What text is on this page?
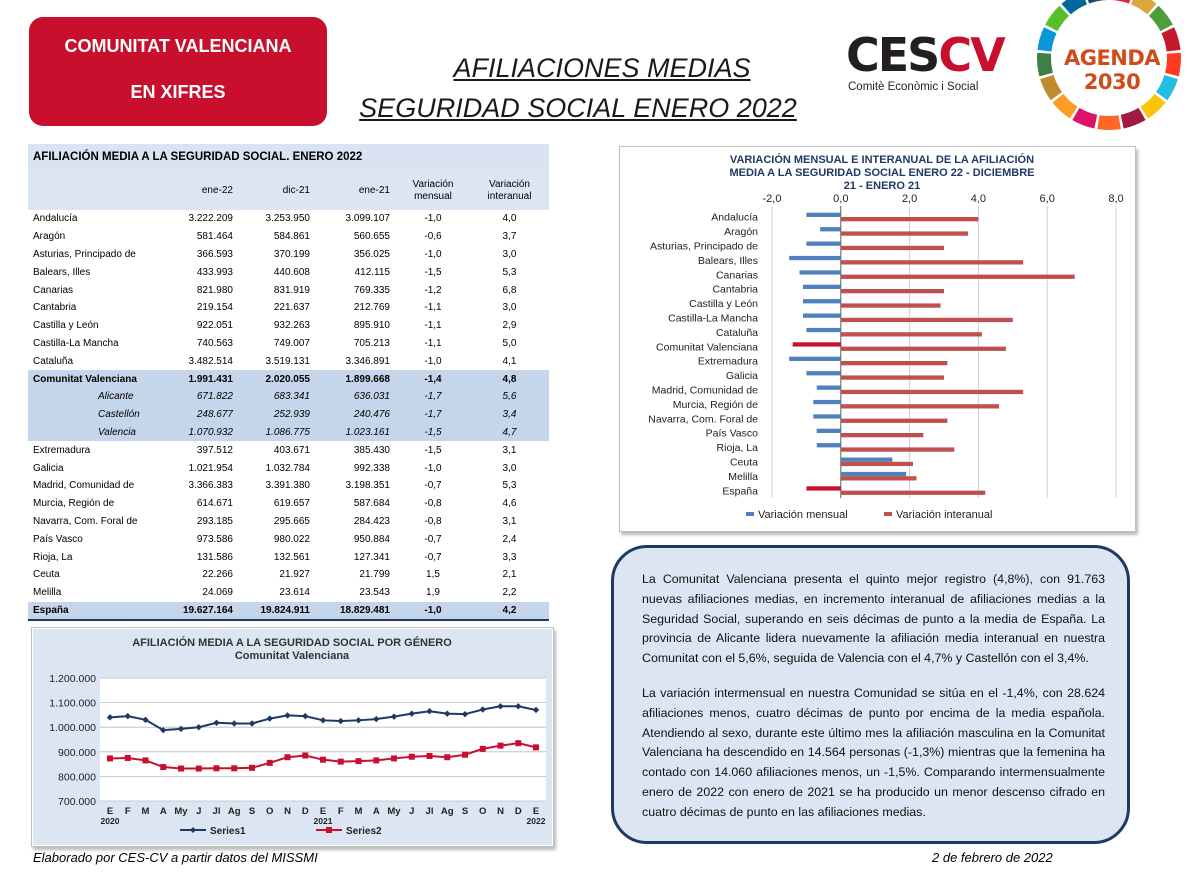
COMUNITAT VALENCIANA
EN XIFRES
AFILIACIONES MEDIAS
SEGURIDAD SOCIAL ENERO 2022
CESCV
Comitè Econòmic i Social
AGENDA 2030
AFILIACIÓN MEDIA A LA SEGURIDAD SOCIAL. ENERO 2022
	ene-22	dic-21	ene-21	Variación mensual	Variación interanual
Andalucía	3.222.209	3.253.950	3.099.107	-1,0	4,0
Aragón	581.464	584.861	560.655	-0,6	3,7
Asturias, Principado de	366.593	370.199	356.025	-1,0	3,0
Balears, Illes	433.993	440.608	412.115	-1,5	5,3
Canarias	821.980	831.919	769.335	-1,2	6,8
Cantabria	219.154	221.637	212.769	-1,1	3,0
Castilla y León	922.051	932.263	895.910	-1,1	2,9
Castilla-La Mancha	740.563	749.007	705.213	-1,1	5,0
Cataluña	3.482.514	3.519.131	3.346.891	-1,0	4,1
Comunitat Valenciana	1.991.431	2.020.055	1.899.668	-1,4	4,8
Alicante	671.822	683.341	636.031	-1,7	5,6
Castellón	248.677	252.939	240.476	-1,7	3,4
Valencia	1.070.932	1.086.775	1.023.161	-1,5	4,7
Extremadura	397.512	403.671	385.430	-1,5	3,1
Galicia	1.021.954	1.032.784	992.338	-1,0	3,0
Madrid, Comunidad de	3.366.383	3.391.380	3.198.351	-0,7	5,3
Murcia, Región de	614.671	619.657	587.684	-0,8	4,6
Navarra, Com. Foral de	293.185	295.665	284.423	-0,8	3,1
País Vasco	973.586	980.022	950.884	-0,7	2,4
Rioja, La	131.586	132.561	127.341	-0,7	3,3
Ceuta	22.266	21.927	21.799	1,5	2,1
Melilla	24.069	23.614	23.543	1,9	2,2
España	19.627.164	19.824.911	18.829.481	-1,0	4,2
VARIACIÓN MENSUAL E INTERANUAL DE LA AFILIACIÓN
MEDIA A LA SEGURIDAD SOCIAL ENERO 22 - DICIEMBRE
21 - ENERO 21
-2,0	0,0	2,0	4,0	6,0	8,0
Andalucía
Aragón
Asturias, Principado de
Balears, Illes
Canarias
Cantabria
Castilla y León
Castilla-La Mancha
Cataluña
Comunitat Valenciana
Extremadura
Galicia
Madrid, Comunidad de
Murcia, Región de
Navarra, Com. Foral de
País Vasco
Rioja, La
Ceuta
Melilla
España
Variación mensual	Variación interanual
AFILIACIÓN MEDIA A LA SEGURIDAD SOCIAL POR GÉNERO
Comunitat Valenciana
700.000
800.000
900.000
1.000.000
1.100.000
1.200.000
E F M A My J Jl Ag S O N D E F M A My J Jl Ag S O N D E
2020	2021	2022
Series1	Series2

La Comunitat Valenciana presenta el quinto mejor registro (4,8%), con 91.763 nuevas afiliaciones medias, en incremento interanual de afiliaciones medias a la Seguridad Social, superando en seis décimas de punto a la media de España. La provincia de Alicante lidera nuevamente la afiliación media interanual en nuestra Comunitat con el 5,6%, seguida de Valencia con el 4,7% y Castellón con el 3,4%.

La variación intermensual en nuestra Comunidad se sitúa en el -1,4%, con 28.624 afiliaciones menos, cuatro décimas de punto por encima de la media española. Atendiendo al sexo, durante este último mes la afiliación masculina en la Comunitat Valenciana ha descendido en 14.564 personas (-1,3%) mientras que la femenina ha contado con 14.060 afiliaciones menos, un -1,5%. Comparando intermensualmente enero de 2022 con enero de 2021 se ha producido un menor descenso cifrado en cuatro décimas de punto en las afiliaciones medias.

Elaborado por CES-CV a partir datos del MISSMI	2 de febrero de 2022
